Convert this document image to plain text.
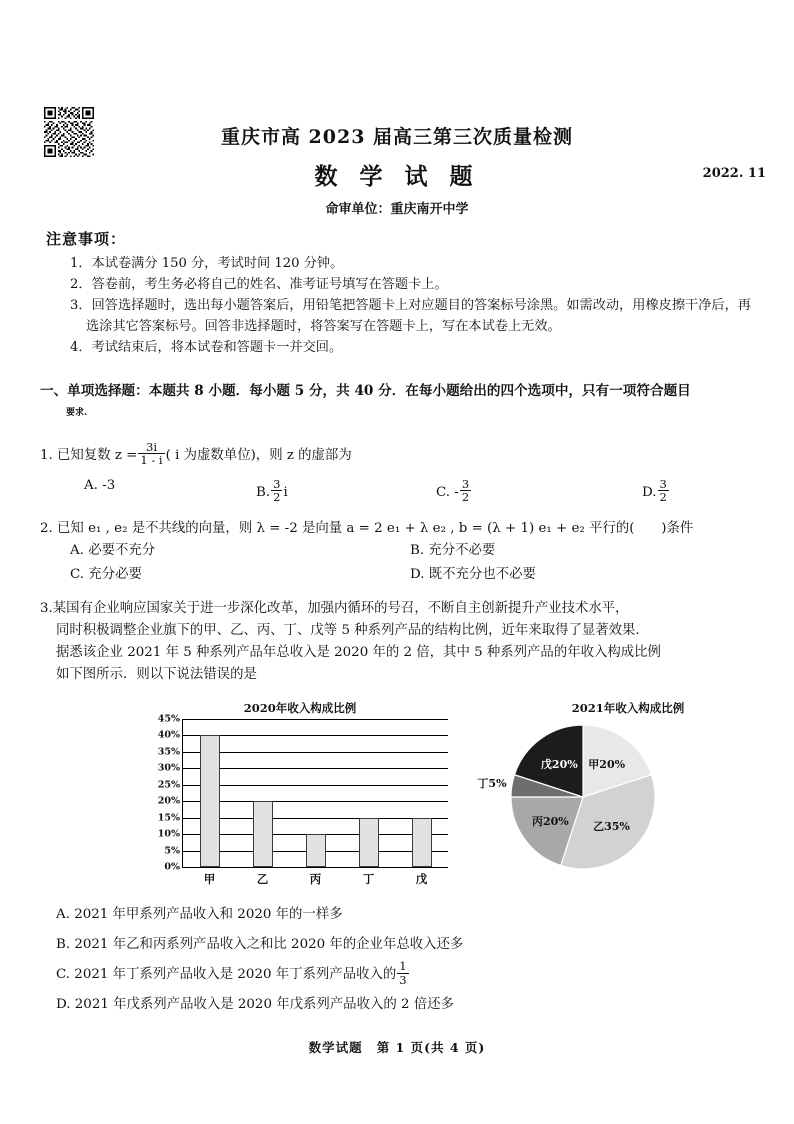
重庆市高 2023 届高三第三次质量检测
数 学 试 题	2022. 11
命审单位：重庆南开中学
注意事项：
1．本试卷满分 150 分，考试时间 120 分钟。
2．答卷前，考生务必将自己的姓名、准考证号填写在答题卡上。
3．回答选择题时，选出每小题答案后，用铅笔把答题卡上对应题目的答案标号涂黑。如需改动，用橡皮擦干净后，再选涂其它答案标号。回答非选择题时，将答案写在答题卡上，写在本试卷上无效。
4．考试结束后，将本试卷和答题卡一并交回。
一、单项选择题：本题共 8 小题．每小题 5 分，共 40 分．在每小题给出的四个选项中，只有一项符合题目
要求.
1. 已知复数 $z = \frac{3i}{1 - i}$ ( i 为虚数单位)，则 z 的虚部为
A. -3	B. $\frac{3}{2}$ i	C. - $\frac{3}{2}$	D. $\frac{3}{2}$
2. 已知 e₁ , e₂ 是不共线的向量，则 λ = -2 是向量 a = 2 e₁ + λ e₂ , b = (λ + 1) e₁ + e₂ 平行的(　　)条件
A. 必要不充分	B. 充分不必要
C. 充分必要	D. 既不充分也不必要
3.某国有企业响应国家关于进一步深化改革，加强内循环的号召，不断自主创新提升产业技术水平，
同时积极调整企业旗下的甲、乙、丙、丁、戊等 5 种系列产品的结构比例，近年来取得了显著效果.
据悉该企业 2021 年 5 种系列产品年总收入是 2020 年的 2 倍，其中 5 种系列产品的年收入构成比例
如下图所示．则以下说法错误的是
2020年收入构成比例
0%
5%
10%
15%
20%
25%
30%
35%
40%
45%
甲	乙	丙	丁	戊
2021年收入构成比例
甲20%
乙35%
丙20%
丁5%
戊20%
A. 2021 年甲系列产品收入和 2020 年的一样多
B. 2021 年乙和丙系列产品收入之和比 2020 年的企业年总收入还多
C. 2021 年丁系列产品收入是 2020 年丁系列产品收入的 $\frac{1}{3}$
D. 2021 年戊系列产品收入是 2020 年戊系列产品收入的 2 倍还多
数学试题 第 1 页(共 4 页)
